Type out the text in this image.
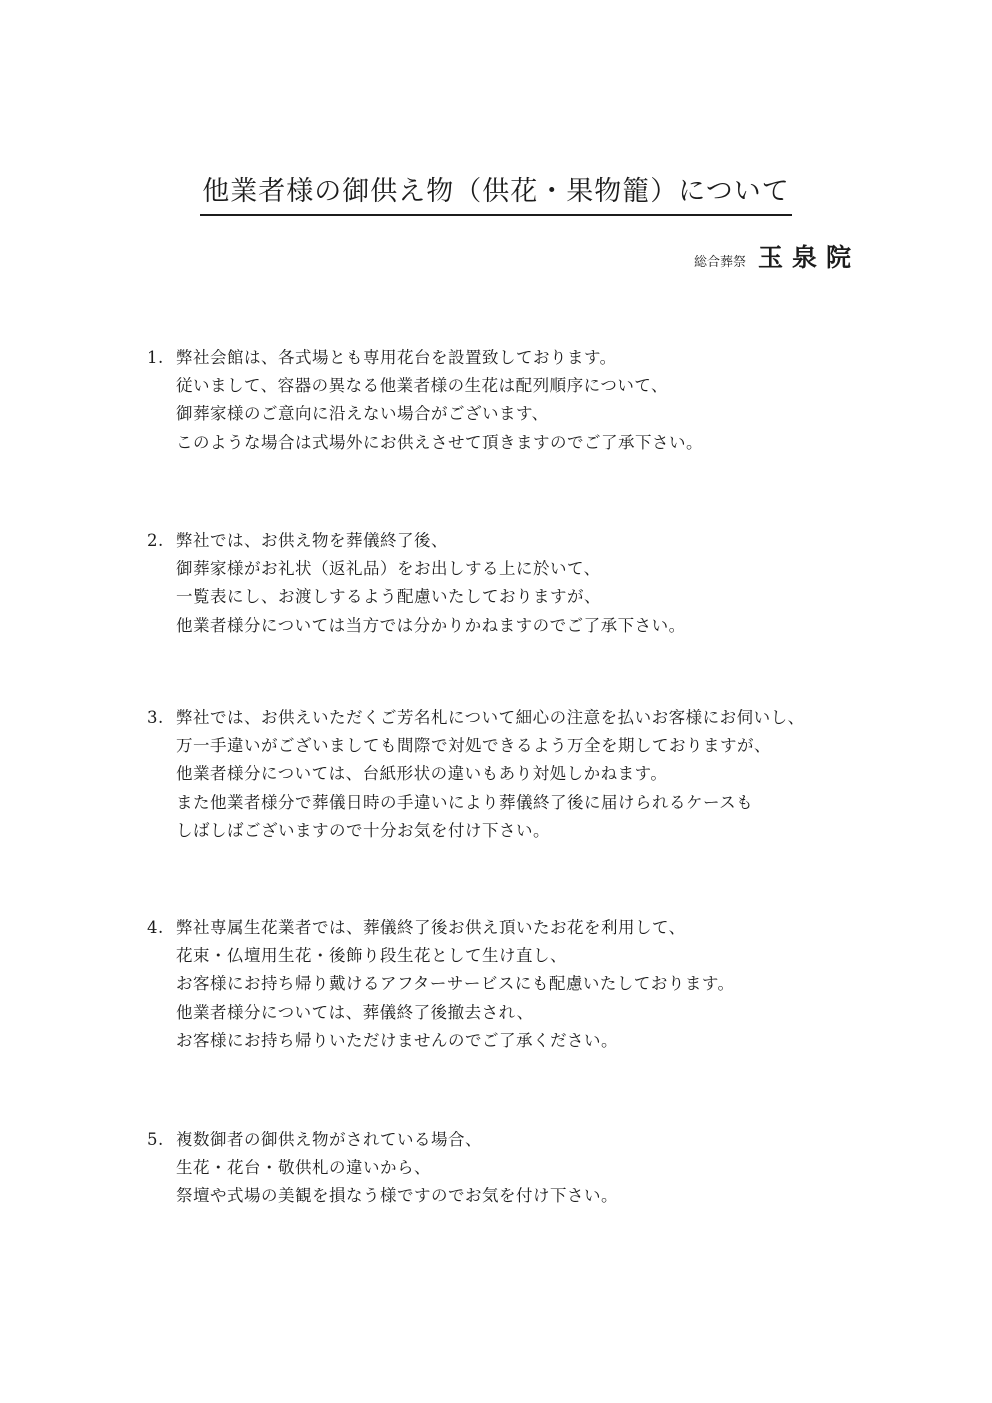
他業者様の御供え物（供花・果物籠）について
総合葬祭 玉泉院
1. 弊社会館は、各式場とも専用花台を設置致しております。
従いまして、容器の異なる他業者様の生花は配列順序について、
御葬家様のご意向に沿えない場合がございます、
このような場合は式場外にお供えさせて頂きますのでご了承下さい。
2. 弊社では、お供え物を葬儀終了後、
御葬家様がお礼状（返礼品）をお出しする上に於いて、
一覧表にし、お渡しするよう配慮いたしておりますが、
他業者様分については当方では分かりかねますのでご了承下さい。
3. 弊社では、お供えいただくご芳名札について細心の注意を払いお客様にお伺いし、
万一手違いがございましても間際で対処できるよう万全を期しておりますが、
他業者様分については、台紙形状の違いもあり対処しかねます。
また他業者様分で葬儀日時の手違いにより葬儀終了後に届けられるケースも
しばしばございますので十分お気を付け下さい。
4. 弊社専属生花業者では、葬儀終了後お供え頂いたお花を利用して、
花束・仏壇用生花・後飾り段生花として生け直し、
お客様にお持ち帰り戴けるアフターサービスにも配慮いたしております。
他業者様分については、葬儀終了後撤去され、
お客様にお持ち帰りいただけませんのでご了承ください。
5. 複数御者の御供え物がされている場合、
生花・花台・敬供札の違いから、
祭壇や式場の美観を損なう様ですのでお気を付け下さい。
